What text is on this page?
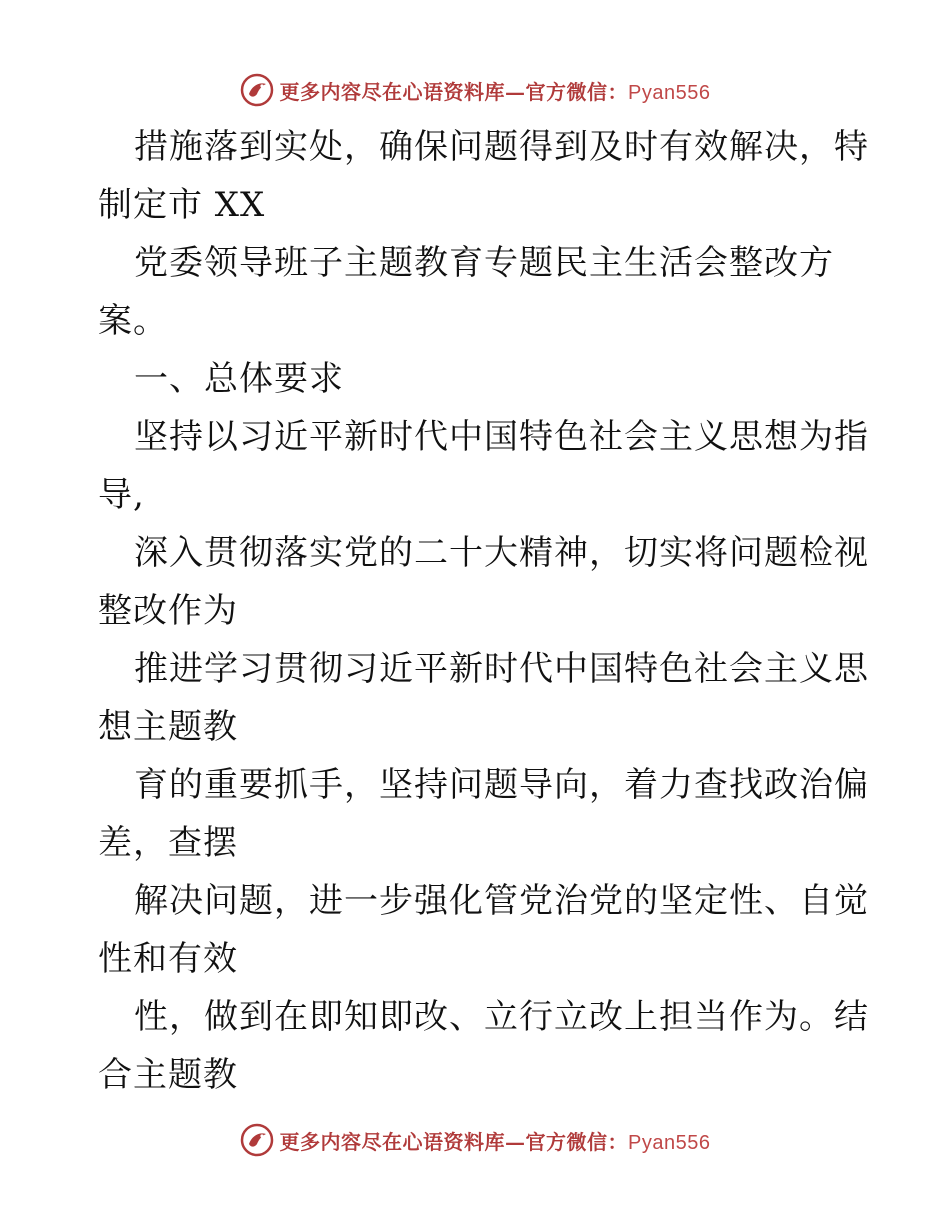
更多内容尽在心语资料库—官方微信：Pyan556
措施落到实处，确保问题得到及时有效解决，特
制定市 XX
党委领导班子主题教育专题民主生活会整改方
案。
一、总体要求
坚持以习近平新时代中国特色社会主义思想为指
导,
深入贯彻落实党的二十大精神，切实将问题检视
整改作为
推进学习贯彻习近平新时代中国特色社会主义思
想主题教
育的重要抓手，坚持问题导向，着力查找政治偏
差，查摆
解决问题，进一步强化管党治党的坚定性、自觉
性和有效
性，做到在即知即改、立行立改上担当作为。结
合主题教
更多内容尽在心语资料库—官方微信：Pyan556
